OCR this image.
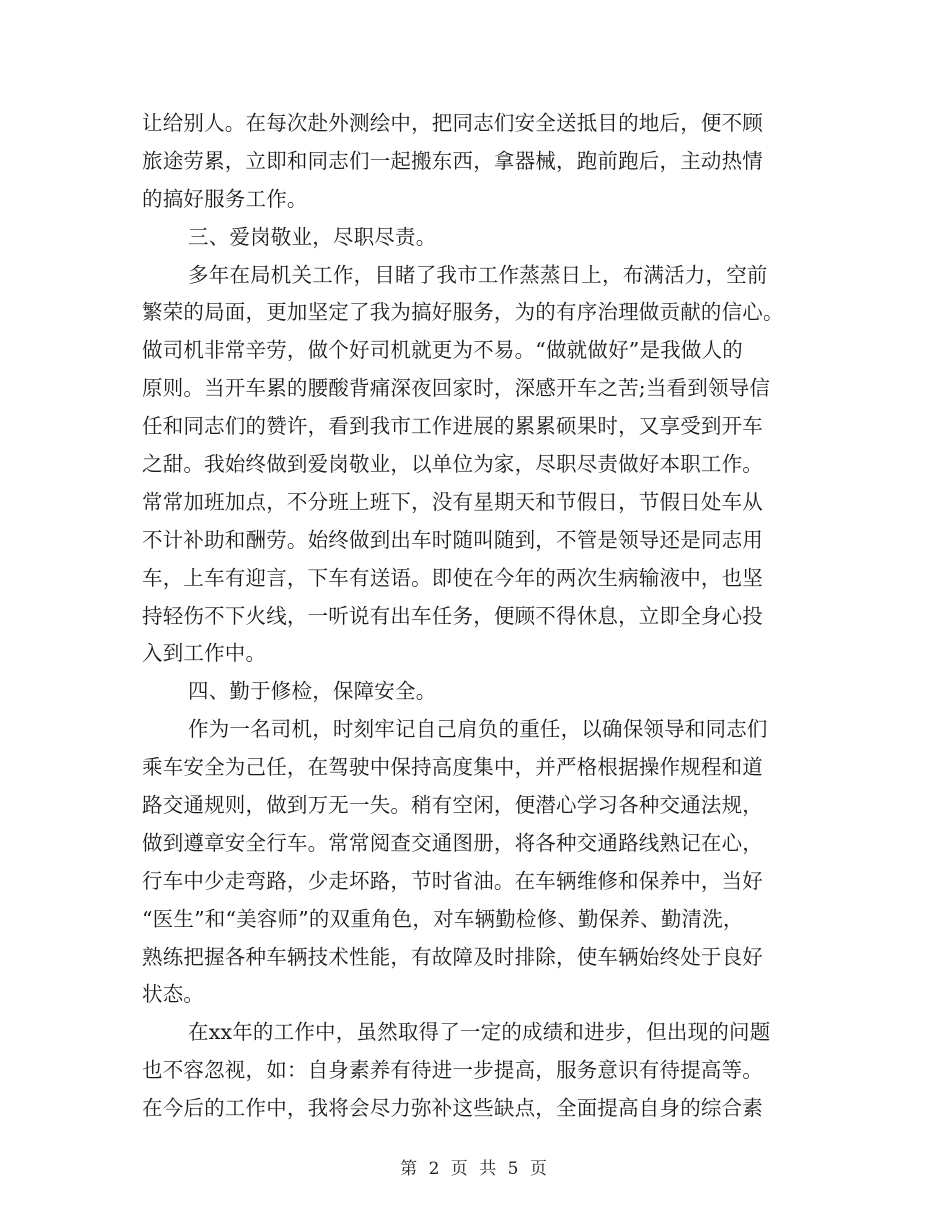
让给别人。在每次赴外测绘中，把同志们安全送抵目的地后，便不顾
旅途劳累，立即和同志们一起搬东西，拿器械，跑前跑后，主动热情
的搞好服务工作。
三、爱岗敬业，尽职尽责。
多年在局机关工作，目睹了我市工作蒸蒸日上，布满活力，空前
繁荣的局面，更加坚定了我为搞好服务，为的有序治理做贡献的信心。
做司机非常辛劳，做个好司机就更为不易。“做就做好”是我做人的
原则。当开车累的腰酸背痛深夜回家时，深感开车之苦;当看到领导信
任和同志们的赞许，看到我市工作进展的累累硕果时，又享受到开车
之甜。我始终做到爱岗敬业，以单位为家，尽职尽责做好本职工作。
常常加班加点，不分班上班下，没有星期天和节假日，节假日处车从
不计补助和酬劳。始终做到出车时随叫随到，不管是领导还是同志用
车，上车有迎言，下车有送语。即使在今年的两次生病输液中，也坚
持轻伤不下火线，一听说有出车任务，便顾不得休息，立即全身心投
入到工作中。
四、勤于修检，保障安全。
作为一名司机，时刻牢记自己肩负的重任，以确保领导和同志们
乘车安全为己任，在驾驶中保持高度集中，并严格根据操作规程和道
路交通规则，做到万无一失。稍有空闲，便潜心学习各种交通法规，
做到遵章安全行车。常常阅查交通图册，将各种交通路线熟记在心，
行车中少走弯路，少走坏路，节时省油。在车辆维修和保养中，当好
“医生”和“美容师”的双重角色，对车辆勤检修、勤保养、勤清洗，
熟练把握各种车辆技术性能，有故障及时排除，使车辆始终处于良好
状态。
在xx年的工作中，虽然取得了一定的成绩和进步，但出现的问题
也不容忽视，如：自身素养有待进一步提高，服务意识有待提高等。
在今后的工作中，我将会尽力弥补这些缺点，全面提高自身的综合素
第 2 页 共 5 页
